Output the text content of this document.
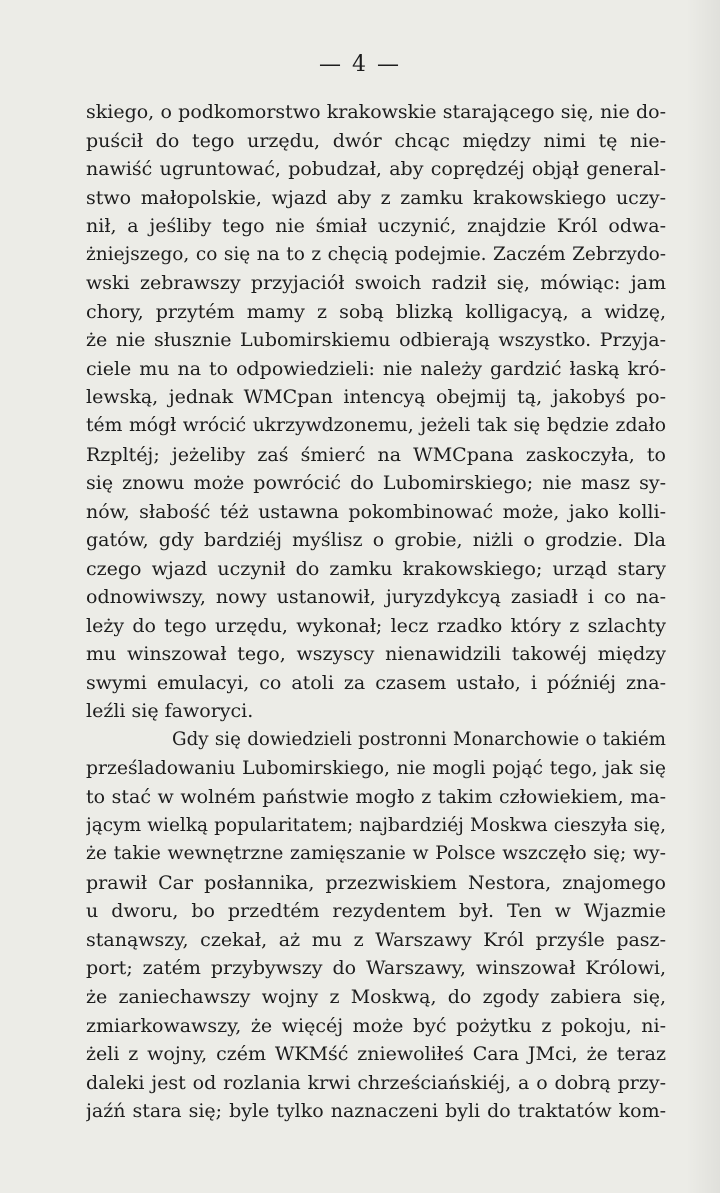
— 4 —
skiego, o podkomorstwo krakowskie starającego się, nie do-
puścił do tego urzędu, dwór chcąc między nimi tę nie-
nawiść ugruntować, pobudzał, aby coprędzéj objął general-
stwo małopolskie, wjazd aby z zamku krakowskiego uczy-
nił, a jeśliby tego nie śmiał uczynić, znajdzie Król odwa-
żniejszego, co się na to z chęcią podejmie. Zaczém Zebrzydo-
wski zebrawszy przyjaciół swoich radził się, mówiąc: jam
chory, przytém mamy z sobą blizką kolligacyą, a widzę,
że nie słusznie Lubomirskiemu odbierają wszystko. Przyja-
ciele mu na to odpowiedzieli: nie należy gardzić łaską kró-
lewską, jednak WMCpan intencyą obejmij tą, jakobyś po-
tém mógł wrócić ukrzywdzonemu, jeżeli tak się będzie zdało
Rzpltéj; jeżeliby zaś śmierć na WMCpana zaskoczyła, to
się znowu może powrócić do Lubomirskiego; nie masz sy-
nów, słabość téż ustawna pokombinować może, jako kolli-
gatów, gdy bardziéj myślisz o grobie, niżli o grodzie. Dla
czego wjazd uczynił do zamku krakowskiego; urząd stary
odnowiwszy, nowy ustanowił, juryzdykcyą zasiadł i co na-
leży do tego urzędu, wykonał; lecz rzadko który z szlachty
mu winszował tego, wszyscy nienawidzili takowéj między
swymi emulacyi, co atoli za czasem ustało, i późniéj zna-
leźli się faworyci.
Gdy się dowiedzieli postronni Monarchowie o takiém
prześladowaniu Lubomirskiego, nie mogli pojąć tego, jak się
to stać w wolném państwie mogło z takim człowiekiem, ma-
jącym wielką popularitatem; najbardziéj Moskwa cieszyła się,
że takie wewnętrzne zamięszanie w Polsce wszczęło się; wy-
prawił Car posłannika, przezwiskiem Nestora, znajomego
u dworu, bo przedtém rezydentem był. Ten w Wjazmie
stanąwszy, czekał, aż mu z Warszawy Król przyśle pasz-
port; zatém przybywszy do Warszawy, winszował Królowi,
że zaniechawszy wojny z Moskwą, do zgody zabiera się,
zmiarkowawszy, że więcéj może być pożytku z pokoju, ni-
żeli z wojny, czém WKMść zniewoliłeś Cara JMci, że teraz
daleki jest od rozlania krwi chrześciańskiéj, a o dobrą przy-
jaźń stara się; byle tylko naznaczeni byli do traktatów kom-
